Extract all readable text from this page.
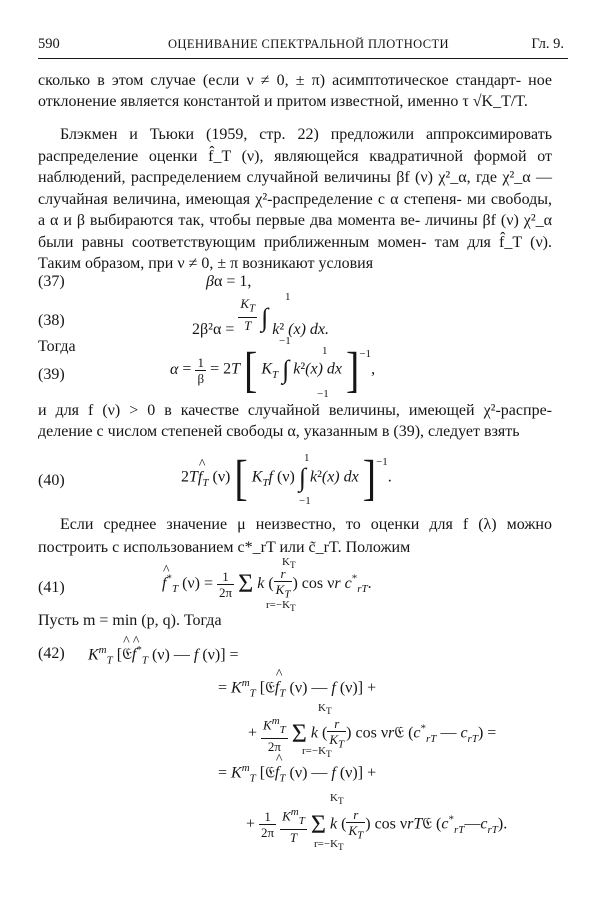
590	ОЦЕНИВАНИЕ СПЕКТРАЛЬНОЙ ПЛОТНОСТИ	Гл. 9.
сколько в этом случае (если ν ≠ 0, ± π) асимптотическое стандарт- ное отклонение является константой и притом известной, именно τ √K_T/T.
Блэкмен и Тьюки (1959, стр. 22) предложили аппроксимировать распределение оценки f̂_T (ν), являющейся квадратичной формой от наблюдений, распределением случайной величины βf (ν) χ²_α, где χ²_α — случайная величина, имеющая χ²-распределение с α степеня- ми свободы, а α и β выбираются так, чтобы первые два момента ве- личины βf (ν) χ²_α были равны соответствующим приближенным момен- там для f̂_T (ν). Таким образом, при ν ≠ 0, ± π возникают условия
(37)	βα = 1,
(38)
$2\beta^2\alpha = \frac{K_T}{T}$ ∫ k² (x) dx.
1
−1
Тогда
(39)	$\alpha = \frac{1}{\beta} = 2T$ [ $K_T$ ∫ k²(x) dx ]$^{-1}$,
1
−1
и для f (ν) > 0 в качестве случайной величины, имеющей χ²-распре- деление с числом степеней свободы α, указанным в (39), следует взять
(40)	2T^ $f_T$ (ν) [ $K_Tf$ (ν) ∫ k²(x) dx ]$^{-1}$.
1
−1
Если среднее значение μ неизвестно, то оценки для f (λ) можно построить с использованием c*_rT или c̃_rT. Положим
(41)
^	$f^*_T$ $(\nu) = \frac{1}{2\pi}$ Σ k ( $\frac{r}{K_T}$ ) cos νr $c^*_{rT}$.
$K_T$
$r=-K_T$
Пусть m = min (p, q). Тогда
(42) $K^m_T$ [^ 𝔈^ $f^*_T$ (ν) — f (ν)] =
= $K^m_T$ [𝔈^ $f_T$ (ν) — f (ν)] +
+ $\frac{K^m_T}{2\pi}$ Σ k ( $\frac{r}{K_T}$ ) cos νr𝔈 ($c^*_{rT}$ — $c_{rT}$) =
$K_T$
$r=-K_T$
= $K^m_T$ [𝔈^ $f_T$ (ν) — f (ν)] +
+ $\frac{1}{2\pi}$
$\frac{K^m_T}{T}$ Σ k ( $\frac{r}{K_T}$ ) cos νrT𝔈 $(c^*_{rT}—c_{rT})$.
$K_T$
$r=-K_T$
